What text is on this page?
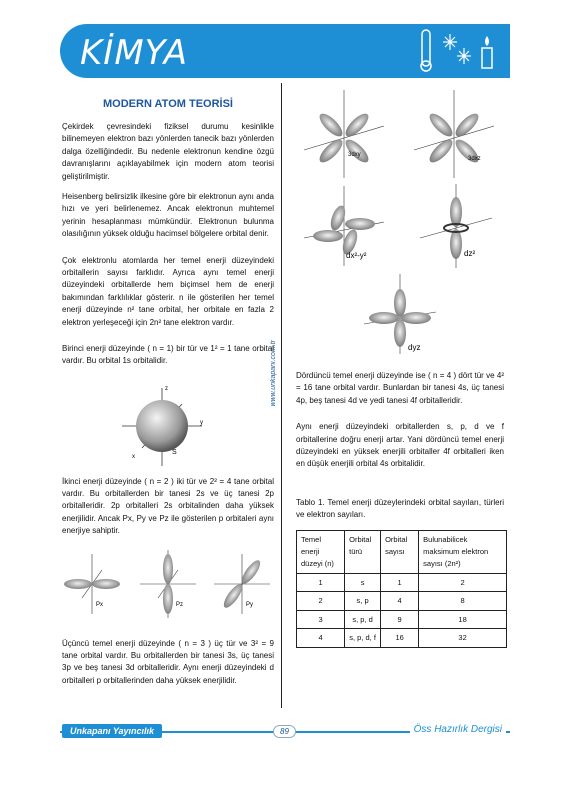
KİMYA
www.unkapani.com.tr
MODERN ATOM TEORİSİ

Çekirdek çevresindeki fiziksel durumu kesinlikle bilinemeyen elektron bazı yönlerden tanecik bazı yönlerden dalga özelliğindedir. Bu nedenle elektronun kendine özgü davranışlarını açıklayabilmek için modern atom teorisi geliştirilmiştir.

Heisenberg belirsizlik ilkesine göre bir elektronun aynı anda hızı ve yeri belirlenemez. Ancak elektronun muhtemel yerinin hesaplanması mümkündür. Elektronun bulunma olasılığının yüksek olduğu hacimsel bölgelere orbital denir.

Çok elektronlu atomlarda her temel enerji düzeyindeki orbitallerin sayısı farklıdır. Ayrıca aynı temel enerji düzeyindeki orbitallerde hem biçimsel hem de enerji bakımından farklılıklar gösterir. n ile gösterilen her temel enerji düzeyinde n² tane orbital, her orbitale en fazla 2 elektron yerleşeceği için 2n² tane elektron vardır.

Birinci enerji düzeyinde ( n = 1) bir tür ve 1² = 1 tane orbital vardır. Bu orbital 1s orbitalidir.

z
y
x
S

İkinci enerji düzeyinde ( n = 2 ) iki tür ve 2² = 4 tane orbital vardır. Bu orbitallerden bir tanesi 2s ve üç tanesi 2p orbitalleridir. 2p orbitalleri 2s orbitalinden daha yüksek enerjilidir. Ancak Px, Py ve Pz ile gösterilen p orbitaleri aynı enerjiye sahiptir.

Px	Pz	Py

Üçüncü temel enerji düzeyinde ( n = 3 ) üç tür ve 3² = 9 tane orbital vardır. Bu orbitallerden bir tanesi 3s, üç tanesi 3p ve beş tanesi 3d orbitalleridir. Aynı enerji düzeyindeki d orbitalleri p orbitallerinden daha yüksek enerjilidir.

3dxy
3dxz
dx²-y²	dz²
dyz

Dördüncü temel enerji düzeyinde ise ( n = 4 ) dört tür ve 4² = 16 tane orbital vardır. Bunlardan bir tanesi 4s, üç tanesi 4p, beş tanesi 4d ve yedi tanesi 4f orbitalleridir.

Aynı enerji düzeyindeki orbitallerden s, p, d ve f orbitallerine doğru enerji artar. Yani dördüncü temel enerji düzeyindeki en yüksek enerjili orbitaller 4f orbitalleri iken en düşük enerjili orbital 4s orbitalidir.

Tablo 1. Temel enerji düzeylerindeki orbital sayıları, türleri ve elektron sayıları.

Temel enerji düzeyi (n)	Orbital türü	Orbital sayısı	Bulunabilicek maksimum elektron sayısı (2n²)
1	s	1	2
2	s, p	4	8
3	s, p, d	9	18
4	s, p, d, f	16	32
Unkapanı Yayıncılık	89	Öss Hazırlık Dergisi
